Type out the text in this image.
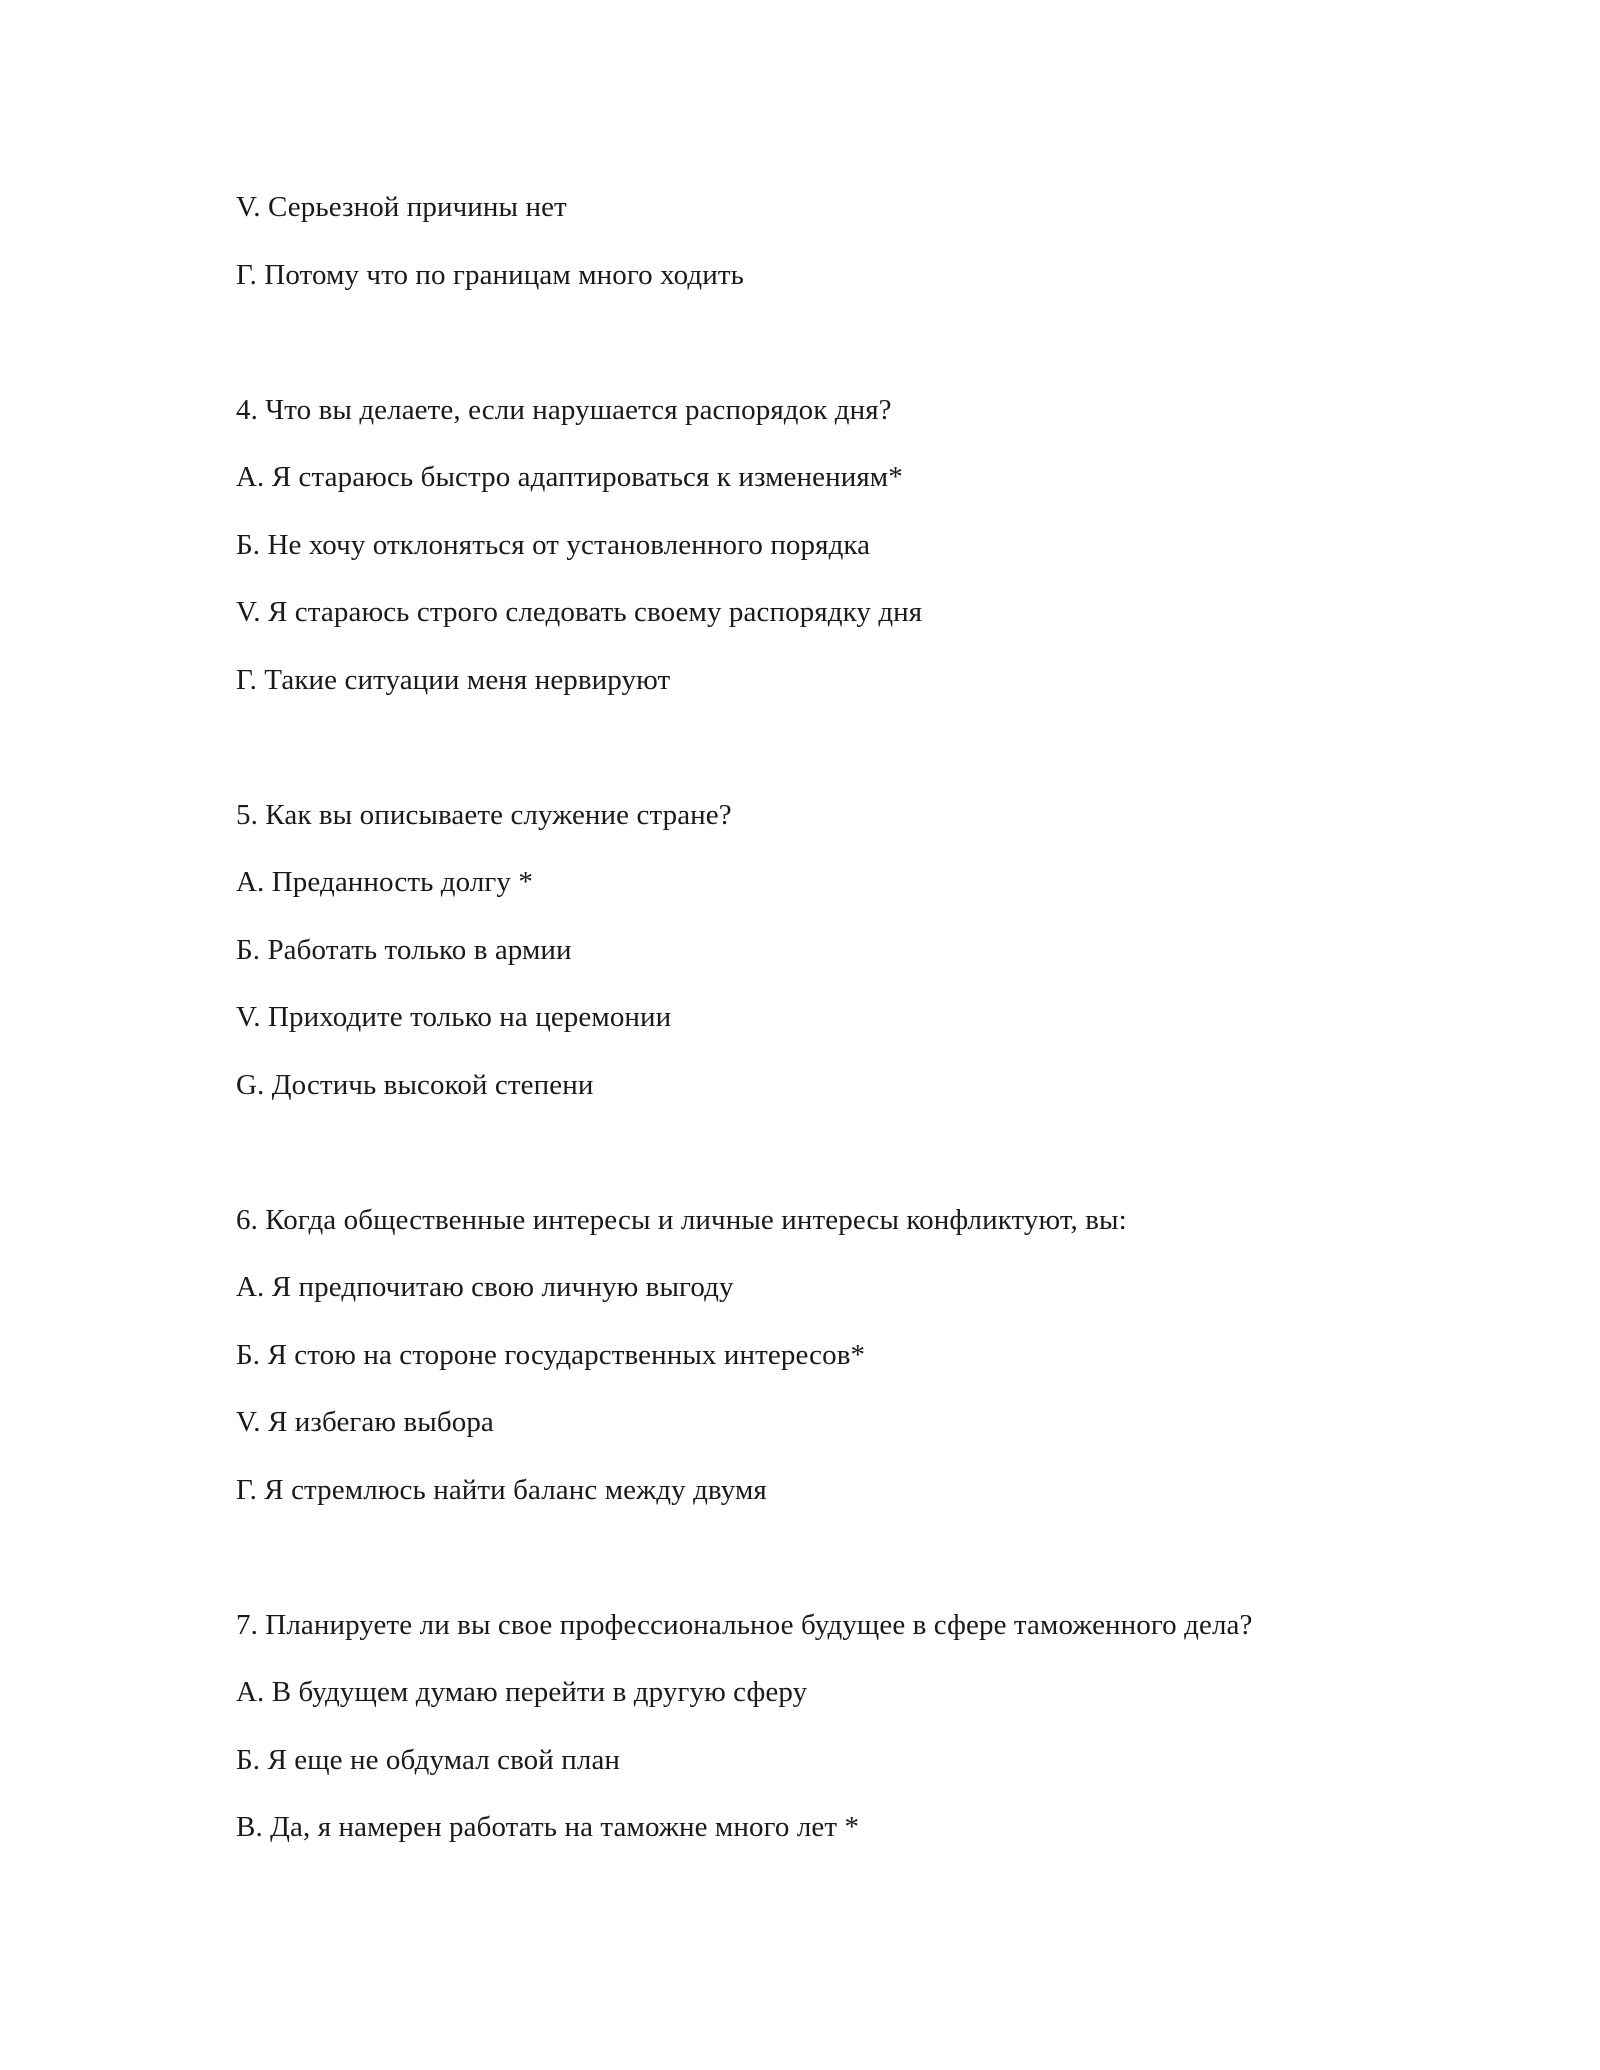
V. Серьезной причины нет
Г. Потому что по границам много ходить
4. Что вы делаете, если нарушается распорядок дня?
А. Я стараюсь быстро адаптироваться к изменениям*
Б. Не хочу отклоняться от установленного порядка
V. Я стараюсь строго следовать своему распорядку дня
Г. Такие ситуации меня нервируют
5. Как вы описываете служение стране?
А. Преданность долгу *
Б. Работать только в армии
V. Приходите только на церемонии
G. Достичь высокой степени
6. Когда общественные интересы и личные интересы конфликтуют, вы:
А. Я предпочитаю свою личную выгоду
Б. Я стою на стороне государственных интересов*
V. Я избегаю выбора
Г. Я стремлюсь найти баланс между двумя
7. Планируете ли вы свое профессиональное будущее в сфере таможенного дела?
А. В будущем думаю перейти в другую сферу
Б. Я еще не обдумал свой план
В. Да, я намерен работать на таможне много лет *
